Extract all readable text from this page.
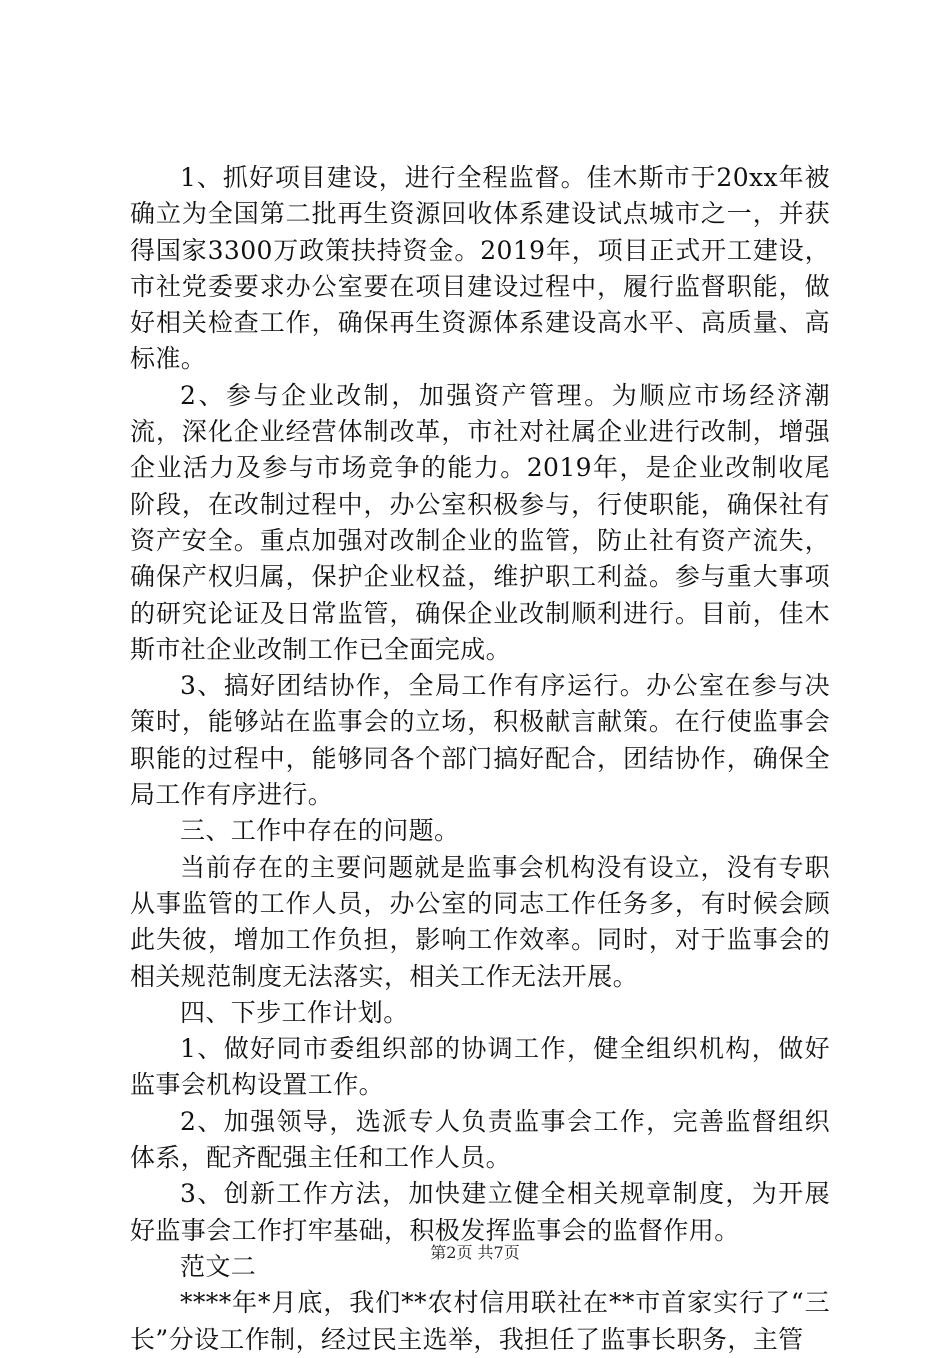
1、抓好项目建设，进行全程监督。佳木斯市于20xx年被确立为全国第二批再生资源回收体系建设试点城市之一，并获得国家3300万政策扶持资金。2019年，项目正式开工建设，市社党委要求办公室要在项目建设过程中，履行监督职能，做好相关检查工作，确保再生资源体系建设高水平、高质量、高标准。

2、参与企业改制，加强资产管理。为顺应市场经济潮流，深化企业经营体制改革，市社对社属企业进行改制，增强企业活力及参与市场竞争的能力。2019年，是企业改制收尾阶段，在改制过程中，办公室积极参与，行使职能，确保社有资产安全。重点加强对改制企业的监管，防止社有资产流失，确保产权归属，保护企业权益，维护职工利益。参与重大事项的研究论证及日常监管，确保企业改制顺利进行。目前，佳木斯市社企业改制工作已全面完成。

3、搞好团结协作，全局工作有序运行。办公室在参与决策时，能够站在监事会的立场，积极献言献策。在行使监事会职能的过程中，能够同各个部门搞好配合，团结协作，确保全局工作有序进行。

三、工作中存在的问题。

当前存在的主要问题就是监事会机构没有设立，没有专职从事监管的工作人员，办公室的同志工作任务多，有时候会顾此失彼，增加工作负担，影响工作效率。同时，对于监事会的相关规范制度无法落实，相关工作无法开展。

四、下步工作计划。

1、做好同市委组织部的协调工作，健全组织机构，做好监事会机构设置工作。

2、加强领导，选派专人负责监事会工作，完善监督组织体系，配齐配强主任和工作人员。

3、创新工作方法，加快建立健全相关规章制度，为开展好监事会工作打牢基础，积极发挥监事会的监督作用。

范文二

****年*月底，我们**农村信用联社在**市首家实行了“三长”分设工作制，经过民主选举，我担任了监事长职务，主管

第2页 共7页
